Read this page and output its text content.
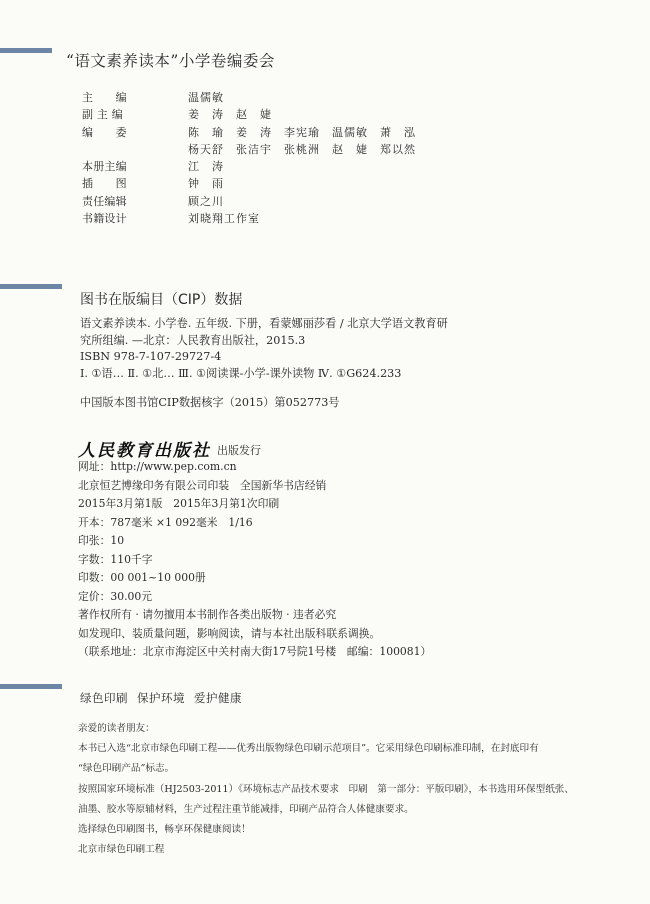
“语文素养读本”小学卷编委会
主　　编	温儒敏
副 主 编	姜　涛　赵　婕
编　　委	陈　瑜　姜　涛　李宪瑜　温儒敏　萧　泓
杨天舒　张洁宇　张桃洲　赵　婕　郑以然
本册主编	江　涛
插　　图	钟　雨
责任编辑	顾之川
书籍设计	刘晓翔工作室
图书在版编目（CIP）数据
语文素养读本. 小学卷. 五年级. 下册，看蒙娜丽莎看 / 北京大学语文教育研
究所组编. —北京：人民教育出版社，2015.3
ISBN 978-7-107-29727-4
Ⅰ. ①语… Ⅱ. ①北… Ⅲ. ①阅读课-小学-课外读物 Ⅳ. ①G624.233
中国版本图书馆CIP数据核字（2015）第052773号
人民教育出版社 出版发行
网址：http://www.pep.com.cn
北京恒艺博缘印务有限公司印装　全国新华书店经销
2015年3月第1版　2015年3月第1次印刷
开本：787毫米 ×1 092毫米　1/16
印张：10
字数：110千字
印数：00 001~10 000册
定价：30.00元
著作权所有 · 请勿擅用本书制作各类出版物 · 违者必究
如发现印、装质量问题，影响阅读，请与本社出版科联系调换。
（联系地址：北京市海淀区中关村南大街17号院1号楼　邮编：100081）
绿色印刷 保护环境 爱护健康
亲爱的读者朋友：
本书已入选“北京市绿色印刷工程——优秀出版物绿色印刷示范项目”。它采用绿色印刷标准印制，在封底印有
“绿色印刷产品”标志。
按照国家环境标准（HJ2503-2011）《环境标志产品技术要求　印刷　第一部分：平版印刷》，本书选用环保型纸张、
油墨、胶水等原辅材料，生产过程注重节能减排，印刷产品符合人体健康要求。
选择绿色印刷图书，畅享环保健康阅读！
北京市绿色印刷工程
